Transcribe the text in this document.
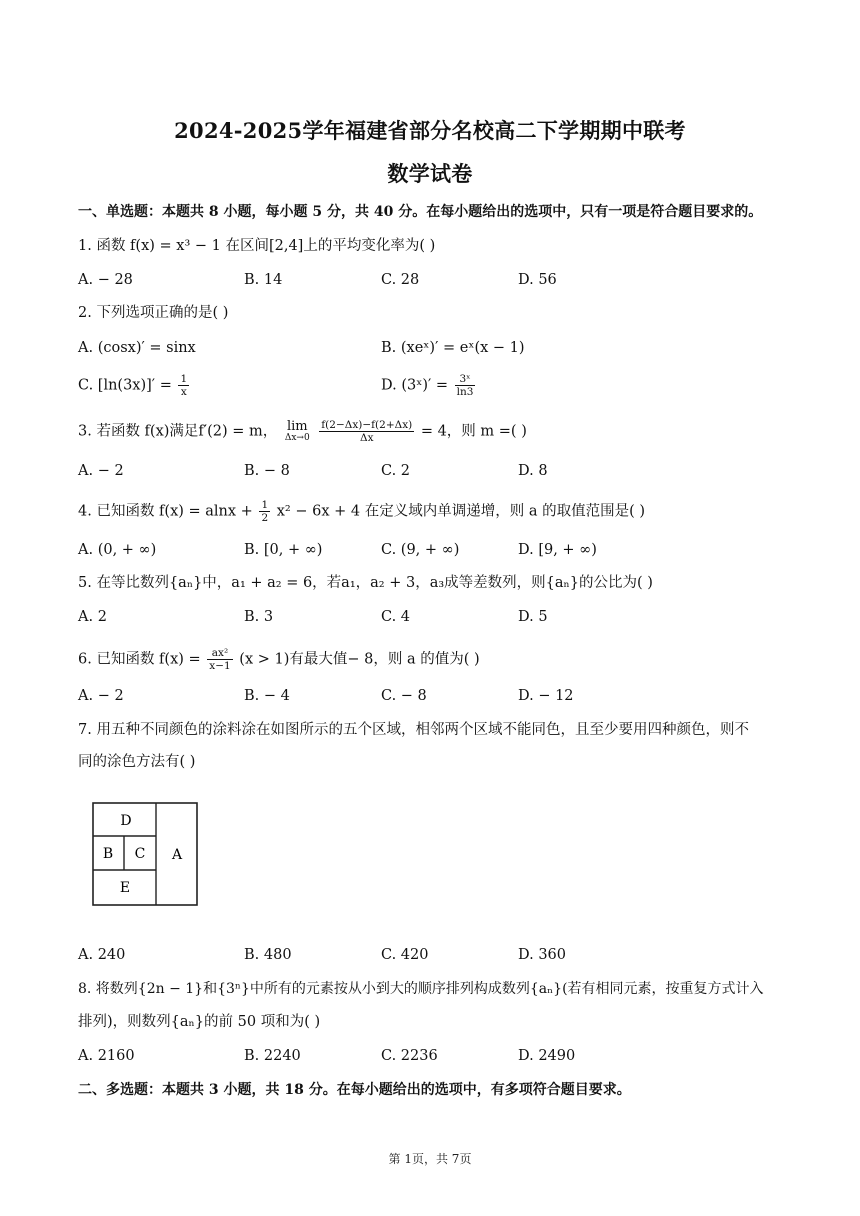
2024-2025学年福建省部分名校高二下学期期中联考
数学试卷
一、单选题：本题共 8 小题，每小题 5 分，共 40 分。在每小题给出的选项中，只有一项是符合题目要求的。
1. 函数 f(x) = x³ − 1 在区间[2,4]上的平均变化率为( )
A. − 28	B. 14	C. 28	D. 56
2. 下列选项正确的是( )
A. (cosx)′ = sinx	B. (xeˣ)′ = eˣ(x − 1)
C. $[\ln(3x)]' = \frac{1}{x}$	D. (3ˣ)′ = $\frac{\text{3ˣ}}{\ln 3}$
3. 若函数 f(x)满足f′(2) = m， lim
Δx→0
$\frac{f(2-\Delta x)-f(2+\Delta x)}{\Delta x} = 4$，则 m =( )
A. − 2	B. − 8	C. 2	D. 8
4. 已知函数 $f(x) = alnx + \frac{1}{2} x^2 - 6x + 4$ 在定义域内单调递增，则 a 的取值范围是( )
A. (0, + ∞)	B. [0, + ∞)	C. (9, + ∞)	D. [9, + ∞)
5. 在等比数列{aₙ}中，a₁ + a₂ = 6，若a₁，a₂ + 3，a₃成等差数列，则{aₙ}的公比为( )
A. 2	B. 3	C. 4	D. 5
6. 已知函数 $f(x) = \frac{\text{ax²}}{x-1} (x > 1)$有最大值− 8，则 a 的值为( )
A. − 2	B. − 4	C. − 8	D. − 12
7. 用五种不同颜色的涂料涂在如图所示的五个区域，相邻两个区域不能同色，且至少要用四种颜色，则不
同的涂色方法有( )
D
B C A
E
A. 240	B. 480	C. 420	D. 360
8. 将数列{2n − 1}和{3ⁿ}中所有的元素按从小到大的顺序排列构成数列{aₙ}(若有相同元素，按重复方式计入
排列)，则数列{aₙ}的前 50 项和为( )
A. 2160	B. 2240	C. 2236	D. 2490
二、多选题：本题共 3 小题，共 18 分。在每小题给出的选项中，有多项符合题目要求。
第 1页，共 7页
